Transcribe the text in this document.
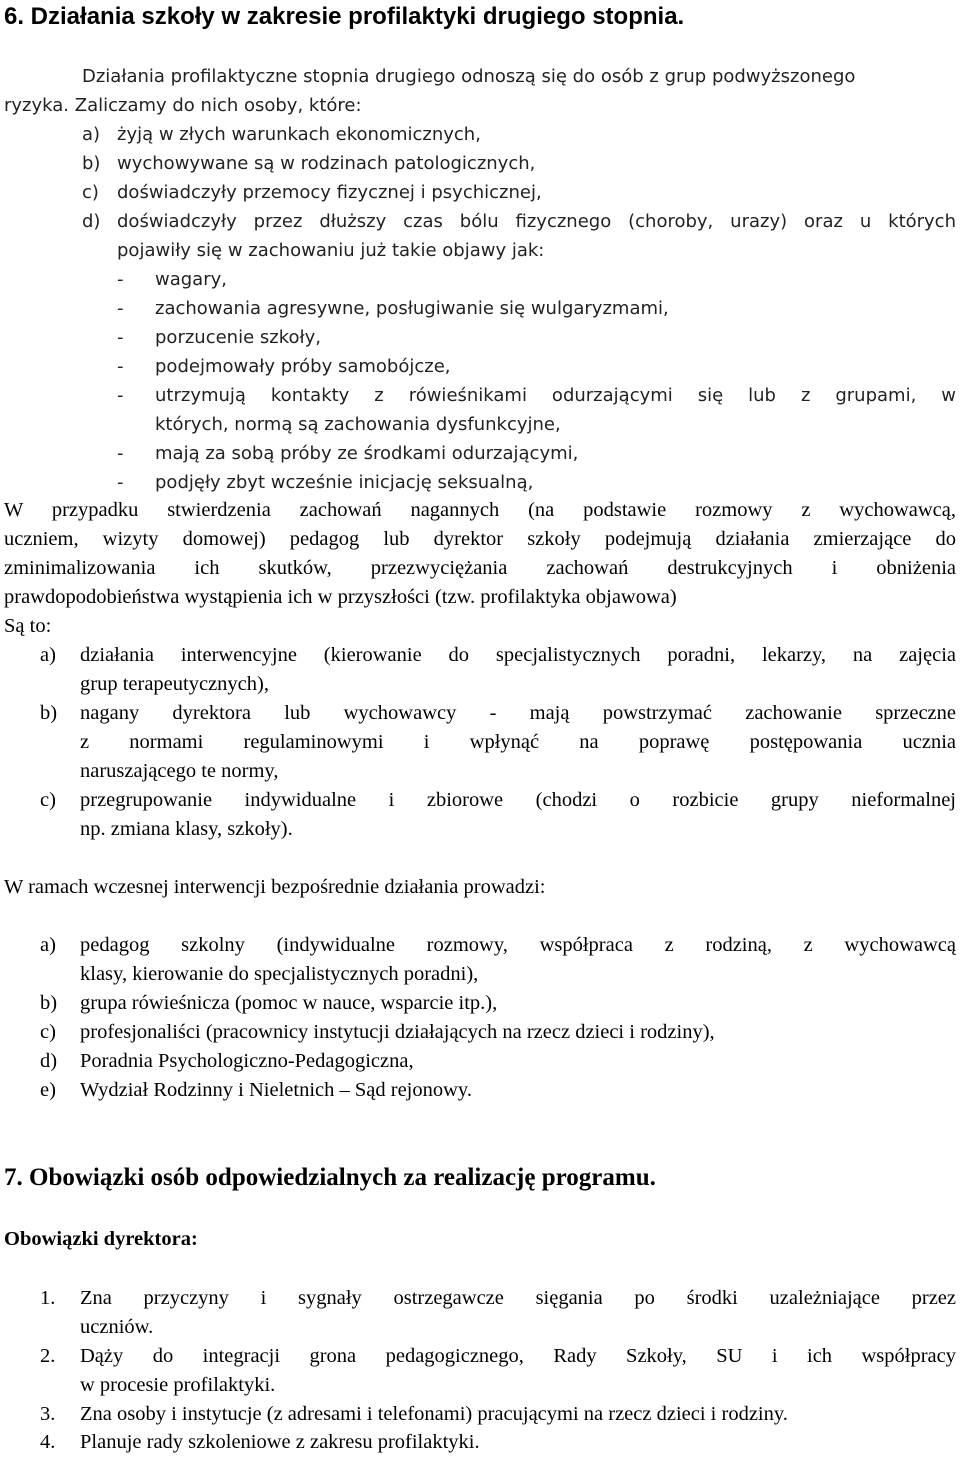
6. Działania szkoły w zakresie profilaktyki drugiego stopnia.
Działania profilaktyczne stopnia drugiego odnoszą się do osób z grup podwyższonego
ryzyka. Zaliczamy do nich osoby, które:
a) żyją w złych warunkach ekonomicznych,
b) wychowywane są w rodzinach patologicznych,
c) doświadczyły przemocy fizycznej i psychicznej,
d) doświadczyły przez dłuższy czas bólu fizycznego (choroby, urazy) oraz u których
pojawiły się w zachowaniu już takie objawy jak:
- wagary,
- zachowania agresywne, posługiwanie się wulgaryzmami,
- porzucenie szkoły,
- podejmowały próby samobójcze,
- utrzymują kontakty z rówieśnikami odurzającymi się lub z grupami, w
których, normą są zachowania dysfunkcyjne,
- mają za sobą próby ze środkami odurzającymi,
- podjęły zbyt wcześnie inicjację seksualną,
W przypadku stwierdzenia zachowań nagannych (na podstawie rozmowy z wychowawcą,
uczniem, wizyty domowej) pedagog lub dyrektor szkoły podejmują działania zmierzające do
zminimalizowania ich skutków, przezwyciężania zachowań destrukcyjnych i obniżenia
prawdopodobieństwa wystąpienia ich w przyszłości (tzw. profilaktyka objawowa)
Są to:
a) działania interwencyjne (kierowanie do specjalistycznych poradni, lekarzy, na zajęcia
grup terapeutycznych),
b) nagany dyrektora lub wychowawcy - mają powstrzymać zachowanie sprzeczne
z normami regulaminowymi i wpłynąć na poprawę postępowania ucznia
naruszającego te normy,
c) przegrupowanie indywidualne i zbiorowe (chodzi o rozbicie grupy nieformalnej
np. zmiana klasy, szkoły).
W ramach wczesnej interwencji bezpośrednie działania prowadzi:
a) pedagog szkolny (indywidualne rozmowy, współpraca z rodziną, z wychowawcą
klasy, kierowanie do specjalistycznych poradni),
b) grupa rówieśnicza (pomoc w nauce, wsparcie itp.),
c) profesjonaliści (pracownicy instytucji działających na rzecz dzieci i rodziny),
d) Poradnia Psychologiczno-Pedagogiczna,
e) Wydział Rodzinny i Nieletnich – Sąd rejonowy.
7. Obowiązki osób odpowiedzialnych za realizację programu.
Obowiązki dyrektora:
1. Zna przyczyny i sygnały ostrzegawcze sięgania po środki uzależniające przez
uczniów.
2. Dąży do integracji grona pedagogicznego, Rady Szkoły, SU i ich współpracy
w procesie profilaktyki.
3. Zna osoby i instytucje (z adresami i telefonami) pracującymi na rzecz dzieci i rodziny.
4. Planuje rady szkoleniowe z zakresu profilaktyki.
